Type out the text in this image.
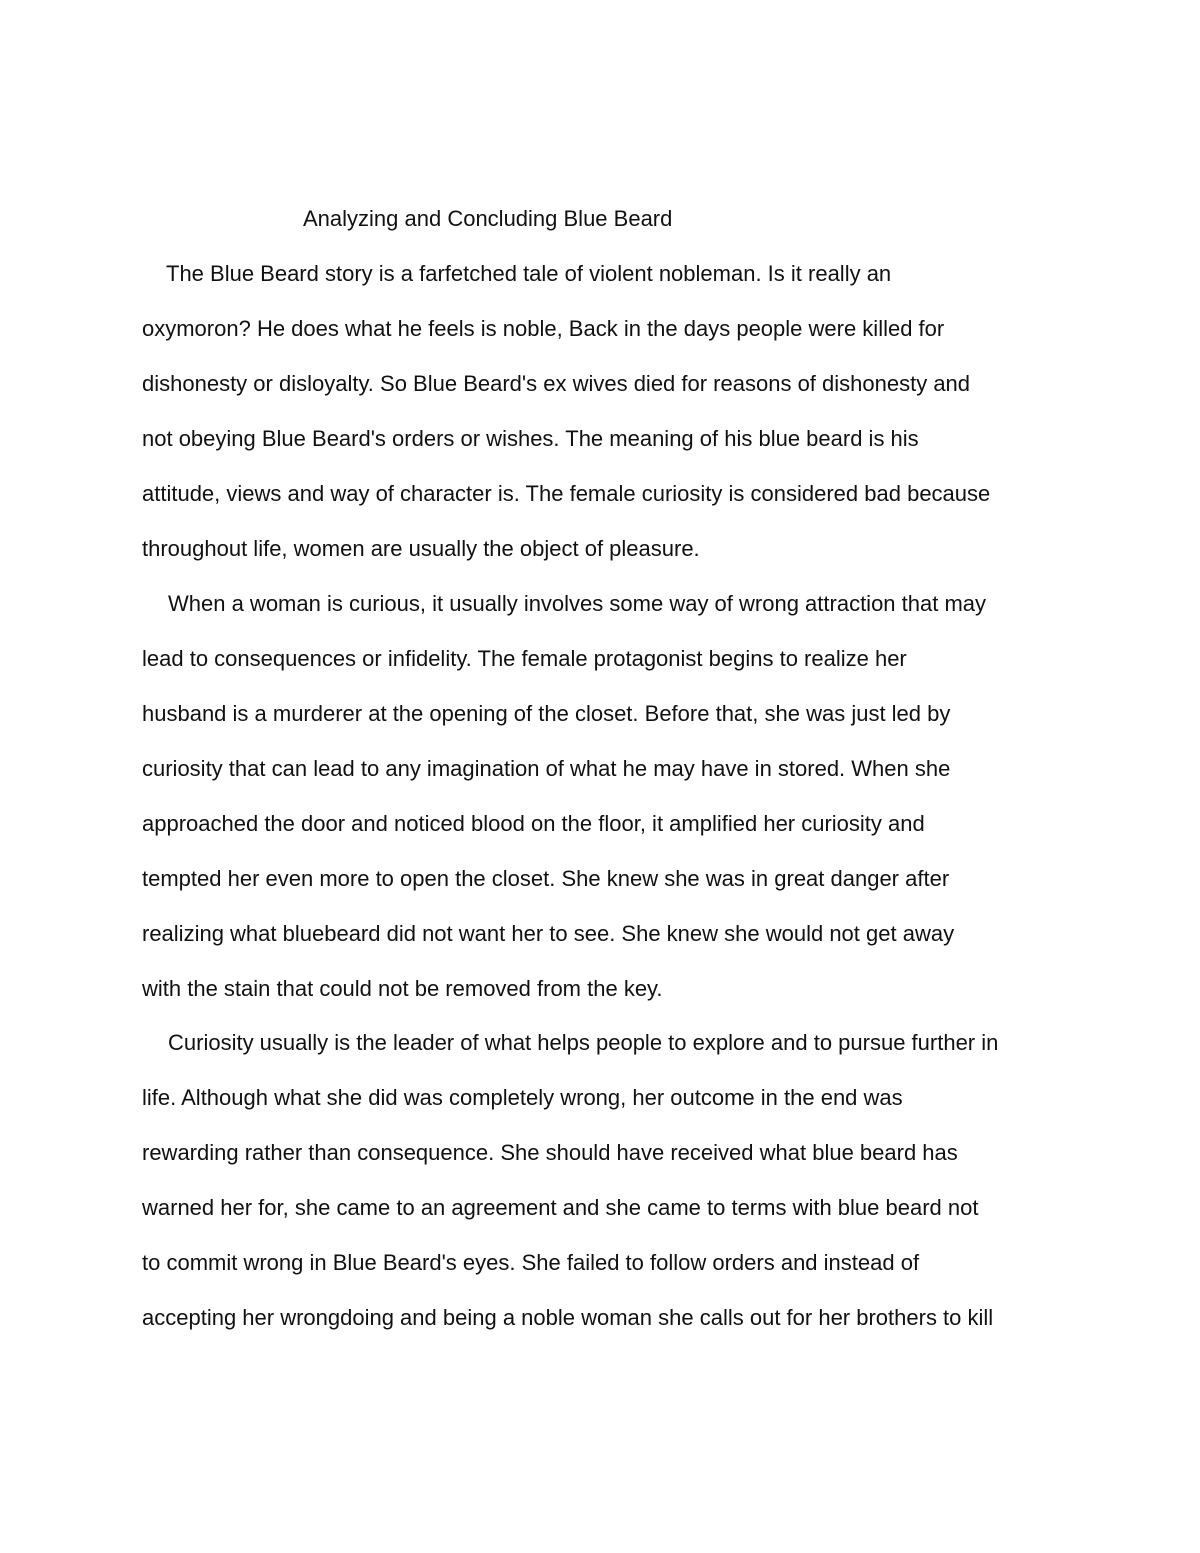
Analyzing and Concluding Blue Beard
The Blue Beard story is a farfetched tale of violent nobleman. Is it really an
oxymoron? He does what he feels is noble, Back in the days people were killed for
dishonesty or disloyalty. So Blue Beard's ex wives died for reasons of dishonesty and
not obeying Blue Beard's orders or wishes. The meaning of his blue beard is his
attitude, views and way of character is. The female curiosity is considered bad because
throughout life, women are usually the object of pleasure.
When a woman is curious, it usually involves some way of wrong attraction that may
lead to consequences or infidelity. The female protagonist begins to realize her
husband is a murderer at the opening of the closet. Before that, she was just led by
curiosity that can lead to any imagination of what he may have in stored. When she
approached the door and noticed blood on the floor, it amplified her curiosity and
tempted her even more to open the closet. She knew she was in great danger after
realizing what bluebeard did not want her to see. She knew she would not get away
with the stain that could not be removed from the key.
Curiosity usually is the leader of what helps people to explore and to pursue further in
life. Although what she did was completely wrong, her outcome in the end was
rewarding rather than consequence. She should have received what blue beard has
warned her for, she came to an agreement and she came to terms with blue beard not
to commit wrong in Blue Beard's eyes. She failed to follow orders and instead of
accepting her wrongdoing and being a noble woman she calls out for her brothers to kill
